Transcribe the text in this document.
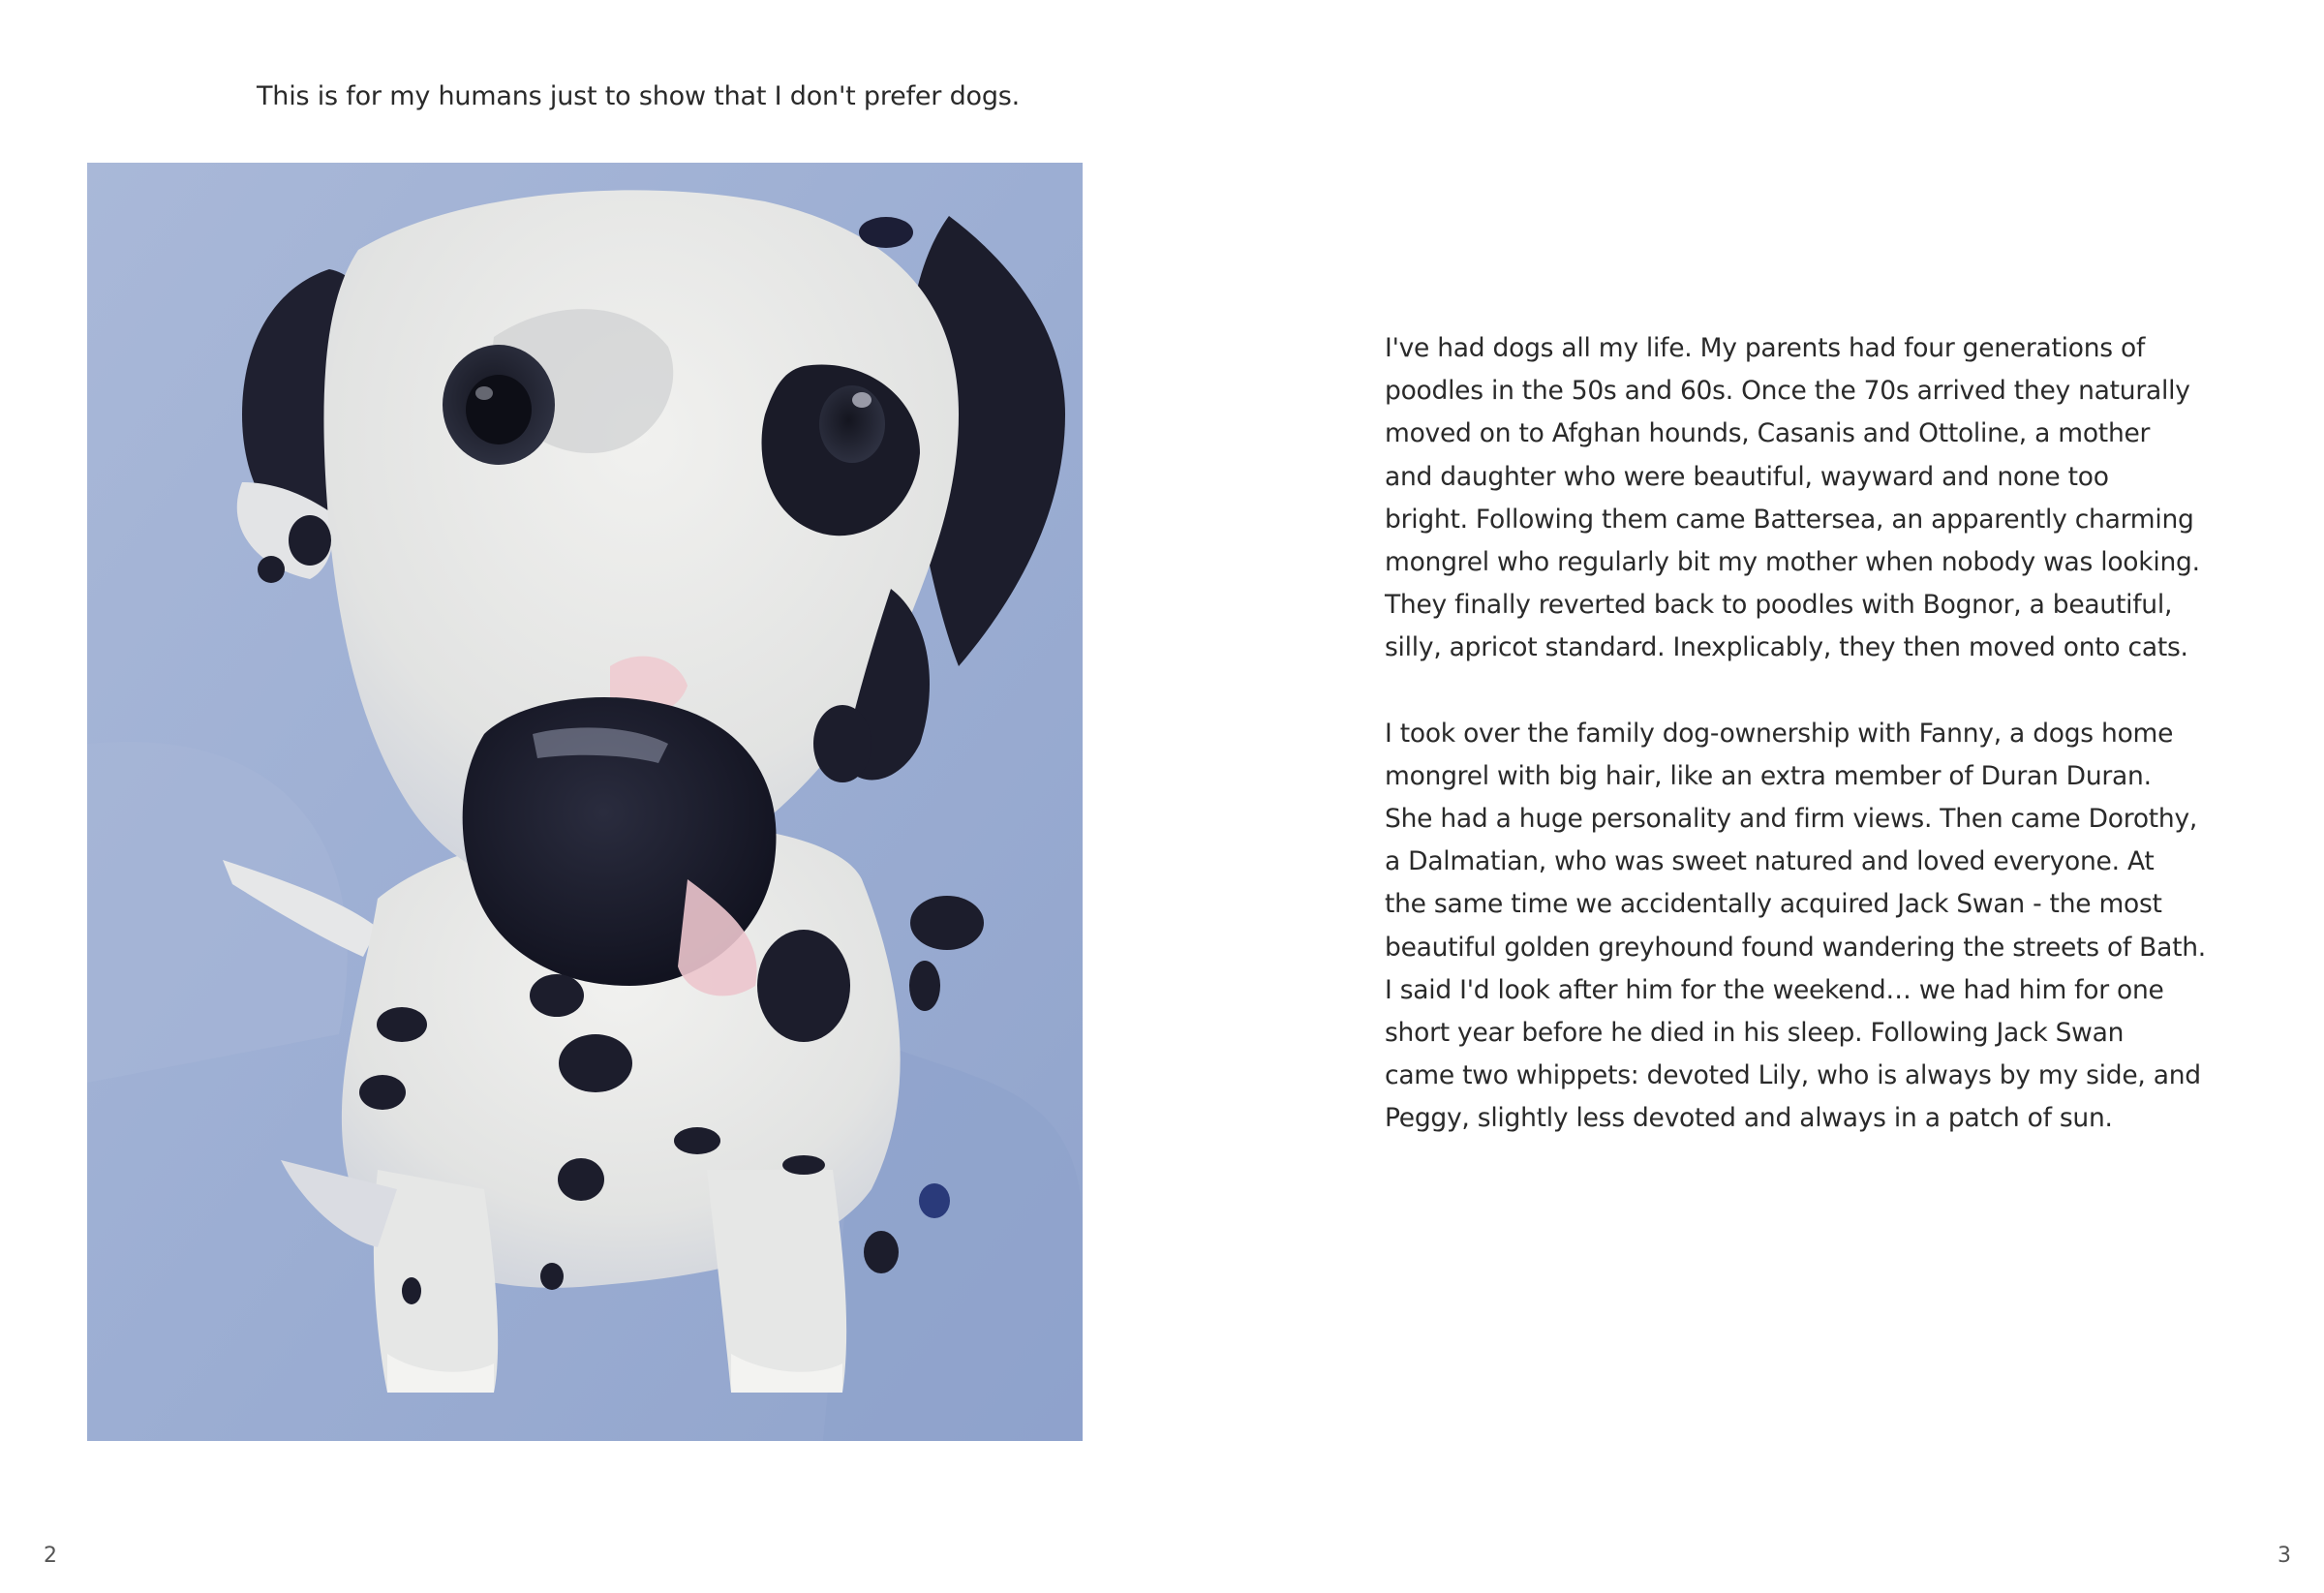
This is for my humans just to show that I don't prefer dogs.

I've had dogs all my life. My parents had four generations of
poodles in the 50s and 60s. Once the 70s arrived they naturally
moved on to Afghan hounds, Casanis and Ottoline, a mother
and daughter who were beautiful, wayward and none too
bright. Following them came Battersea, an apparently charming
mongrel who regularly bit my mother when nobody was looking.
They finally reverted back to poodles with Bognor, a beautiful,
silly, apricot standard. Inexplicably, they then moved onto cats.

I took over the family dog-ownership with Fanny, a dogs home
mongrel with big hair, like an extra member of Duran Duran.
She had a huge personality and firm views. Then came Dorothy,
a Dalmatian, who was sweet natured and loved everyone. At
the same time we accidentally acquired Jack Swan - the most
beautiful golden greyhound found wandering the streets of Bath.
I said I'd look after him for the weekend… we had him for one
short year before he died in his sleep. Following Jack Swan
came two whippets: devoted Lily, who is always by my side, and
Peggy, slightly less devoted and always in a patch of sun.

2	3
